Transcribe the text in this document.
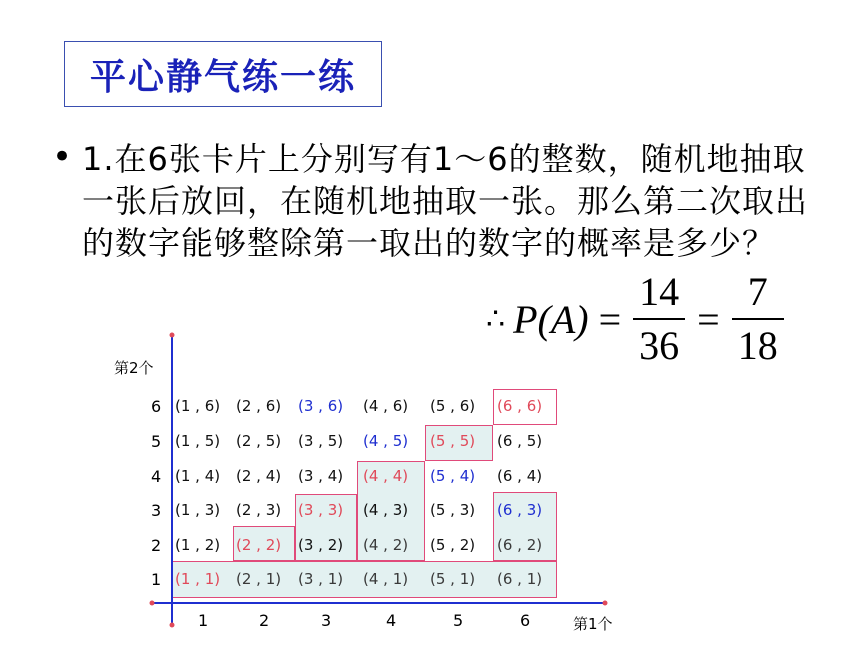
平心静气练一练
• 1.在6张卡片上分别写有1～6的整数，随机地抽取一张后放回，在随机地抽取一张。那么第二次取出的数字能够整除第一取出的数字的概率是多少？
∴ $P(A) = \frac{14}{36} = \frac{7}{18}$
第2个
第1个
1
2
3
4
5
6
1	2	3	4	5	6
(1 , 6) (2 , 6) (3 , 6) (4 , 6) (5 , 6) (6 , 6)
(1 , 5) (2 , 5) (3 , 5) (4 , 5) (5 , 5) (6 , 5)
(1 , 4) (2 , 4) (3 , 4) (4 , 4) (5 , 4) (6 , 4)
(1 , 3) (2 , 3) (3 , 3) (4 , 3) (5 , 3) (6 , 3)
(1 , 2) (2 , 2) (3 , 2) (4 , 2) (5 , 2) (6 , 2)
(1 , 1) (2 , 1) (3 , 1) (4 , 1) (5 , 1) (6 , 1)
